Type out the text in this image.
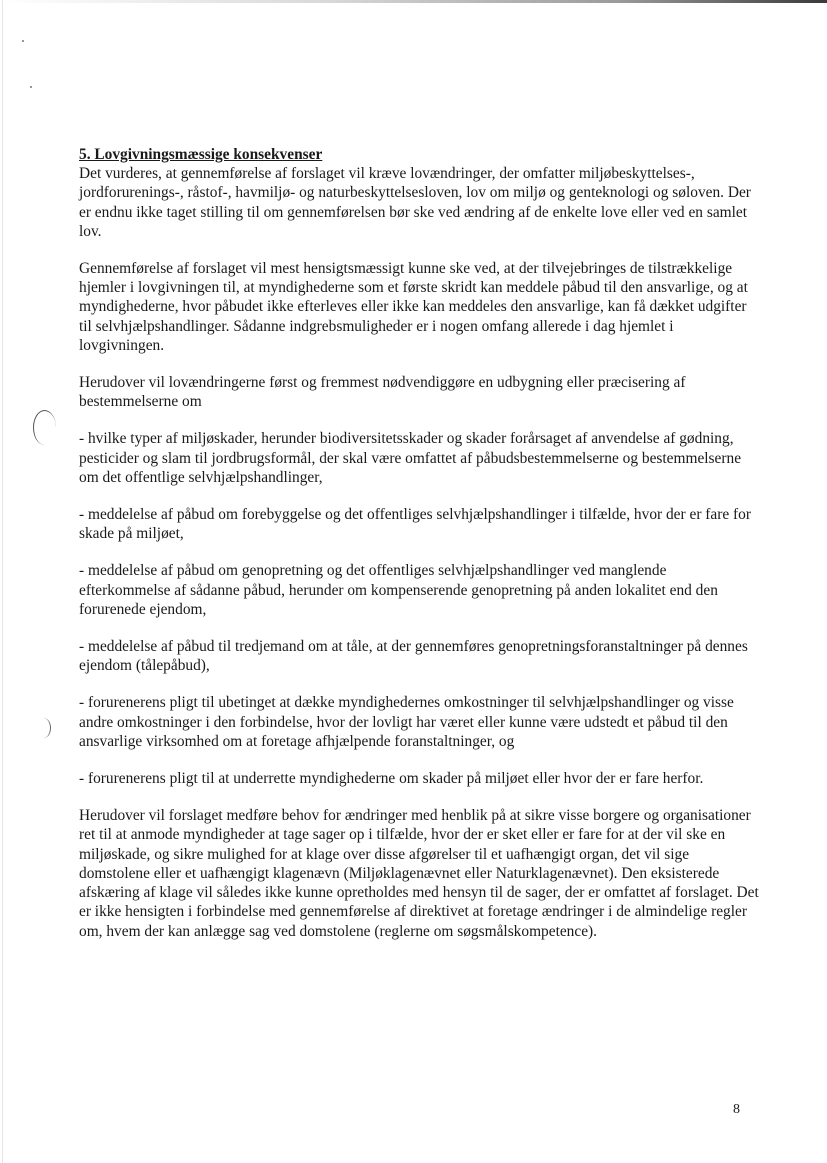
5. Lovgivningsmæssige konsekvenser

Det vurderes, at gennemførelse af forslaget vil kræve lovændringer, der omfatter miljøbeskyttelses-, jordforurenings-, råstof-, havmiljø- og naturbeskyttelsesloven, lov om miljø og genteknologi og søloven. Der er endnu ikke taget stilling til om gennemførelsen bør ske ved ændring af de enkelte love eller ved en samlet lov.

Gennemførelse af forslaget vil mest hensigtsmæssigt kunne ske ved, at der tilvejebringes de tilstrækkelige hjemler i lovgivningen til, at myndighederne som et første skridt kan meddele påbud til den ansvarlige, og at myndighederne, hvor påbudet ikke efterleves eller ikke kan meddeles den ansvarlige, kan få dækket udgifter til selvhjælpshandlinger. Sådanne indgrebsmuligheder er i nogen omfang allerede i dag hjemlet i lovgivningen.

Herudover vil lovændringerne først og fremmest nødvendiggøre en udbygning eller præcisering af bestemmelserne om

- hvilke typer af miljøskader, herunder biodiversitetsskader og skader forårsaget af anvendelse af gødning, pesticider og slam til jordbrugsformål, der skal være omfattet af påbudsbestemmelserne og bestemmelserne om det offentlige selvhjælpshandlinger,

- meddelelse af påbud om forebyggelse og det offentliges selvhjælpshandlinger i tilfælde, hvor der er fare for skade på miljøet,

- meddelelse af påbud om genopretning og det offentliges selvhjælpshandlinger ved manglende efterkommelse af sådanne påbud, herunder om kompenserende genopretning på anden lokalitet end den forurenede ejendom,

- meddelelse af påbud til tredjemand om at tåle, at der gennemføres genopretningsforanstaltninger på dennes ejendom (tålepåbud),

- forurenerens pligt til ubetinget at dække myndighedernes omkostninger til selvhjælpshandlinger og visse andre omkostninger i den forbindelse, hvor der lovligt har været eller kunne være udstedt et påbud til den ansvarlige virksomhed om at foretage afhjælpende foranstaltninger, og

- forurenerens pligt til at underrette myndighederne om skader på miljøet eller hvor der er fare herfor.

Herudover vil forslaget medføre behov for ændringer med henblik på at sikre visse borgere og organisationer ret til at anmode myndigheder at tage sager op i tilfælde, hvor der er sket eller er fare for at der vil ske en miljøskade, og sikre mulighed for at klage over disse afgørelser til et uafhængigt organ, det vil sige domstolene eller et uafhængigt klagenævn (Miljøklagenævnet eller Naturklagenævnet). Den eksisterede afskæring af klage vil således ikke kunne opretholdes med hensyn til de sager, der er omfattet af forslaget. Det er ikke hensigten i forbindelse med gennemførelse af direktivet at foretage ændringer i de almindelige regler om, hvem der kan anlægge sag ved domstolene (reglerne om søgsmålskompetence).

8
